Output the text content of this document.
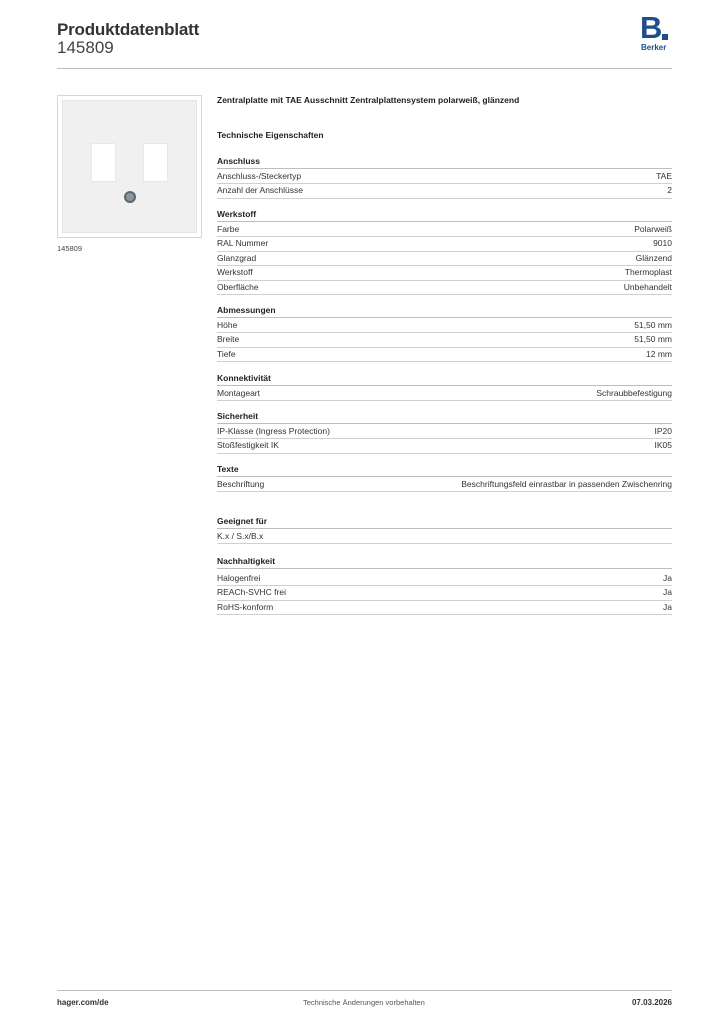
Produktdatenblatt
145809
B
Berker
145809
Zentralplatte mit TAE Ausschnitt Zentralplattensystem polarweiß, glänzend
Technische Eigenschaften
Anschluss
Anschluss-/Steckertyp	TAE
Anzahl der Anschlüsse	2
Werkstoff
Farbe	Polarweiß
RAL Nummer	9010
Glanzgrad	Glänzend
Werkstoff	Thermoplast
Oberfläche	Unbehandelt
Abmessungen
Höhe	51,50 mm
Breite	51,50 mm
Tiefe	12 mm
Konnektivität
Montageart	Schraubbefestigung
Sicherheit
IP-Klasse (Ingress Protection)	IP20
Stoßfestigkeit IK	IK05
Texte
Beschriftung	Beschriftungsfeld einrastbar in passenden Zwischenring
Geeignet für
K.x / S.x/B.x
Nachhaltigkeit
Halogenfrei	Ja
REACh-SVHC frei	Ja
RoHS-konform	Ja
hager.com/de	Technische Änderungen vorbehalten	07.03.2026
